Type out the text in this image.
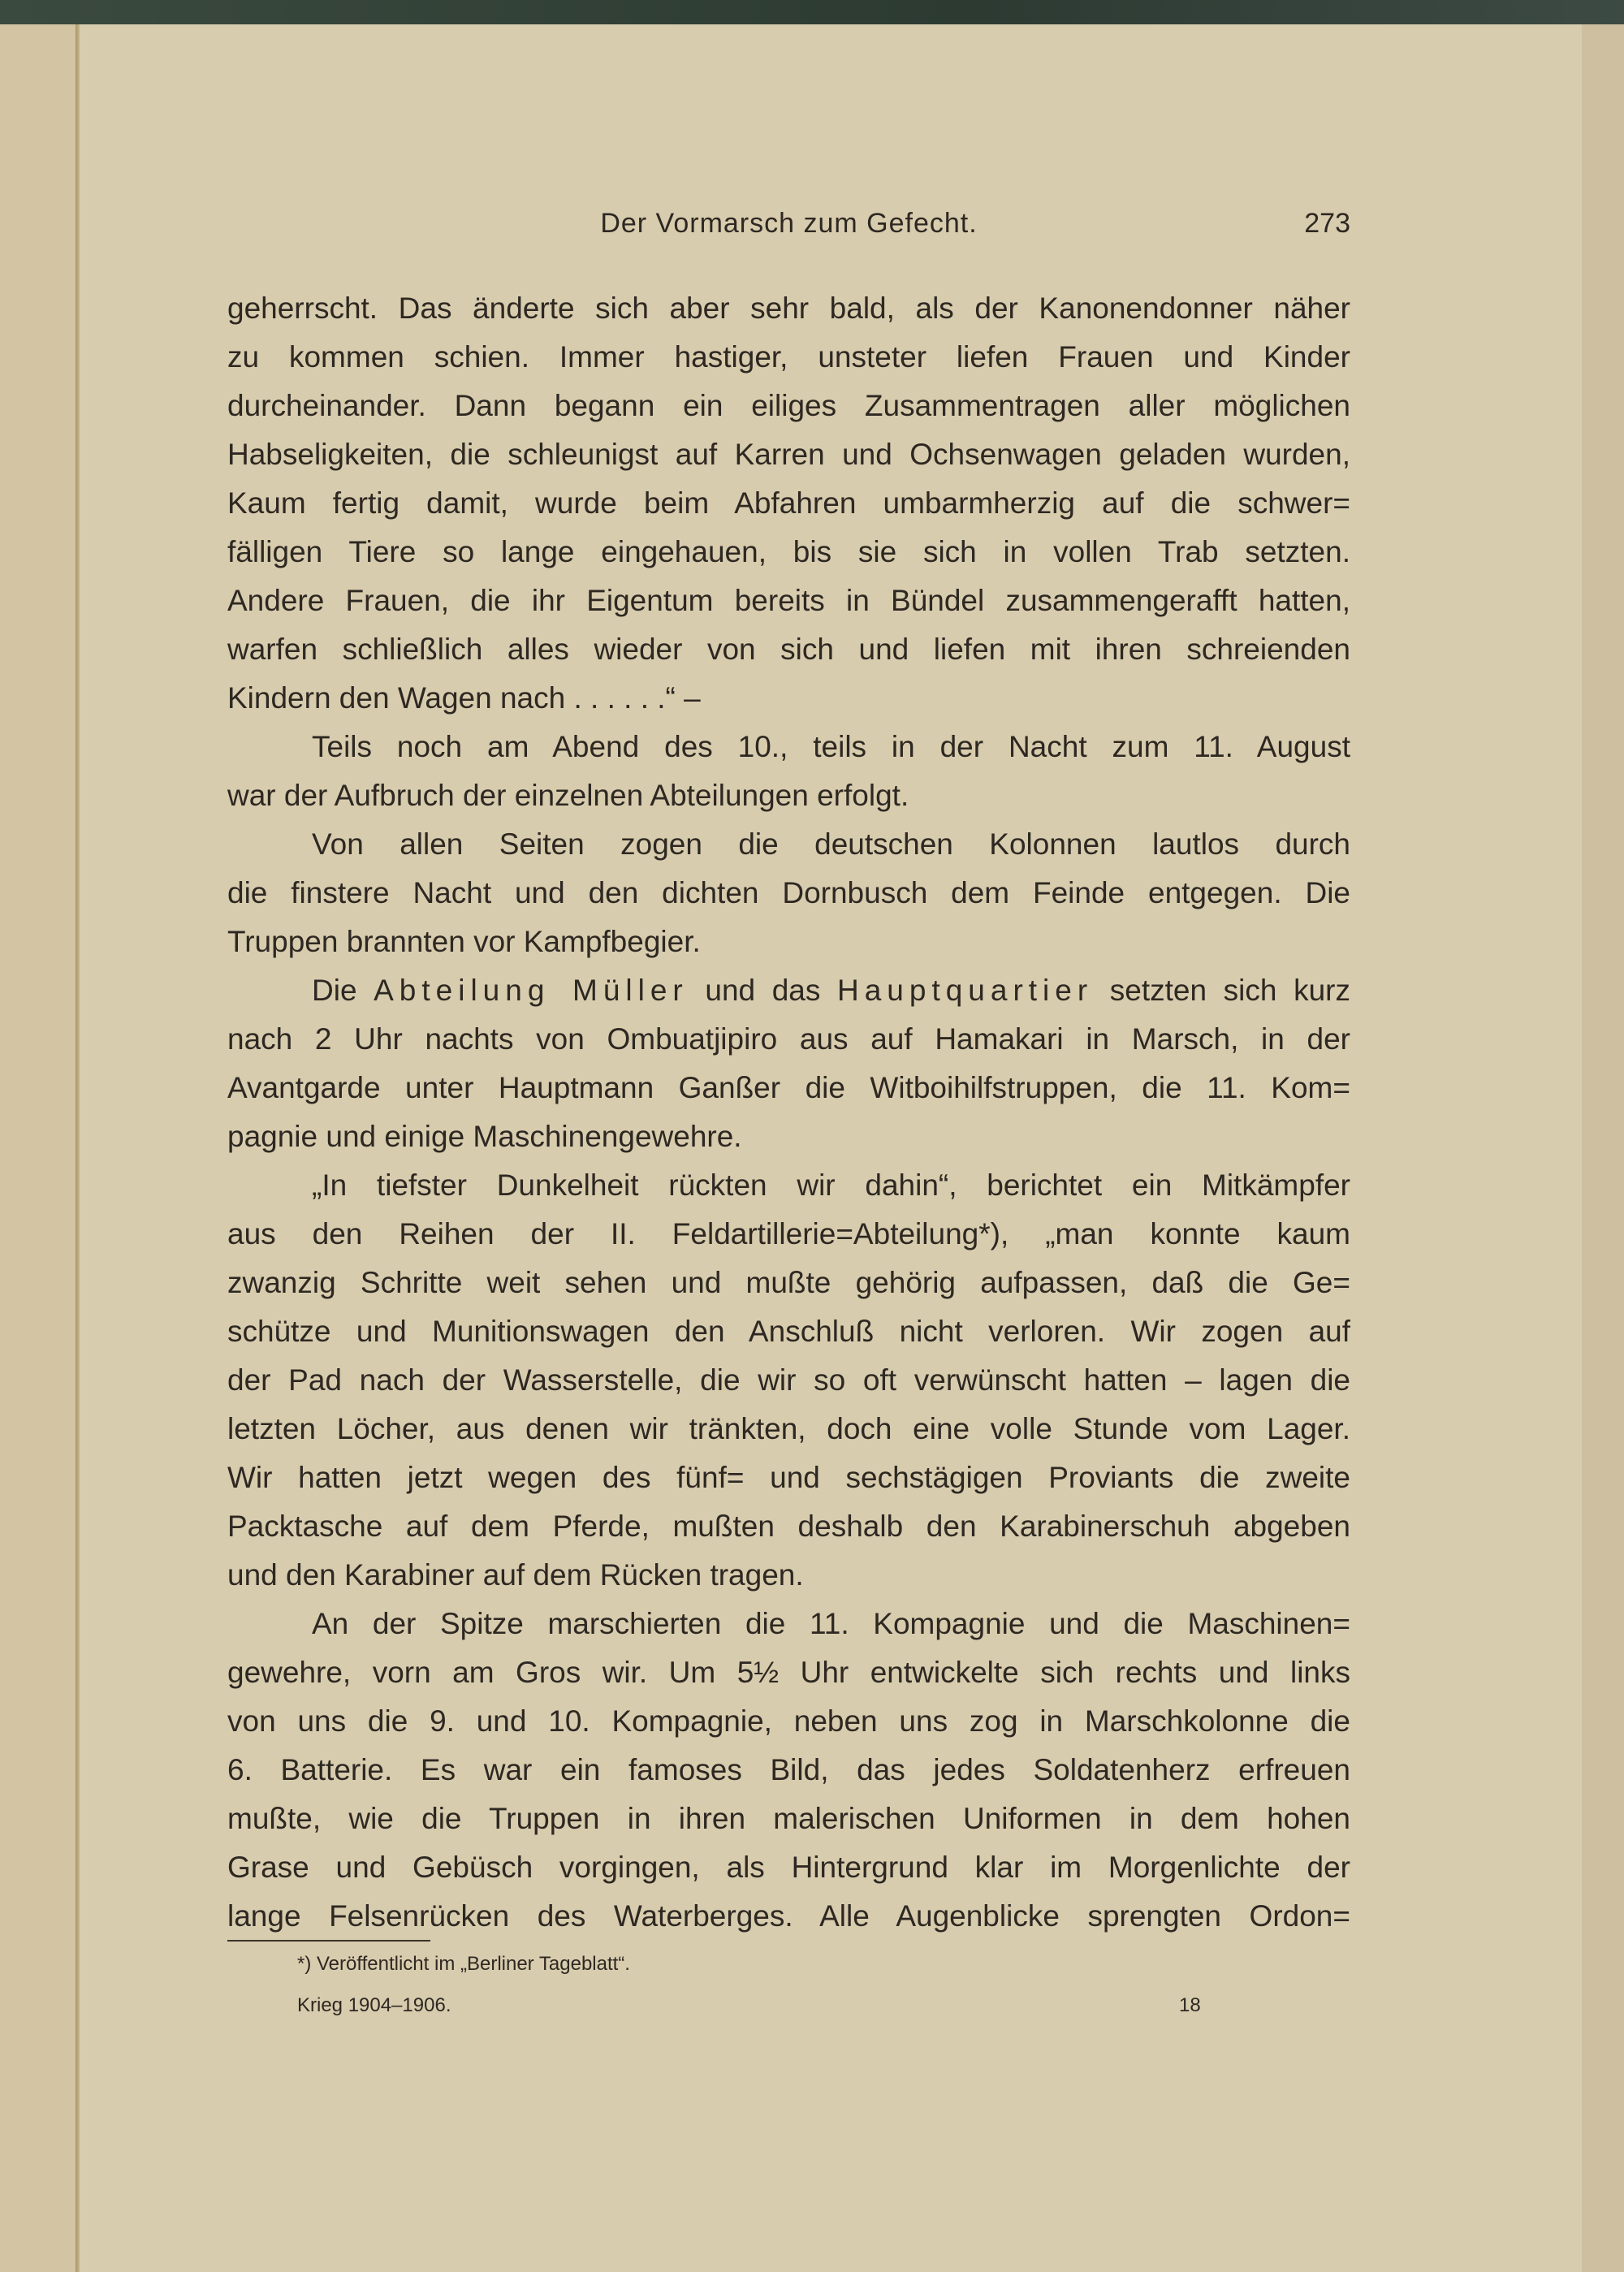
Der Vormarsch zum Gefecht.	273
geherrscht. Das änderte sich aber sehr bald, als der Kanonendonner näher
zu kommen schien. Immer hastiger, unsteter liefen Frauen und Kinder
durcheinander. Dann begann ein eiliges Zusammentragen aller möglichen
Habseligkeiten, die schleunigst auf Karren und Ochsenwagen geladen wurden,
Kaum fertig damit, wurde beim Abfahren umbarmherzig auf die schwer=
fälligen Tiere so lange eingehauen, bis sie sich in vollen Trab setzten.
Andere Frauen, die ihr Eigentum bereits in Bündel zusammengerafft hatten,
warfen schließlich alles wieder von sich und liefen mit ihren schreienden
Kindern den Wagen nach . . . . . .“ –
Teils noch am Abend des 10., teils in der Nacht zum 11. August
war der Aufbruch der einzelnen Abteilungen erfolgt.
Von allen Seiten zogen die deutschen Kolonnen lautlos durch
die finstere Nacht und den dichten Dornbusch dem Feinde entgegen. Die
Truppen brannten vor Kampfbegier.
Die Abteilung Müller und das Hauptquartier setzten sich kurz
nach 2 Uhr nachts von Ombuatjipiro aus auf Hamakari in Marsch, in der
Avantgarde unter Hauptmann Ganßer die Witboihilfstruppen, die 11. Kom=
pagnie und einige Maschinengewehre.
„In tiefster Dunkelheit rückten wir dahin“, berichtet ein Mitkämpfer
aus den Reihen der II. Feldartillerie=Abteilung*), „man konnte kaum
zwanzig Schritte weit sehen und mußte gehörig aufpassen, daß die Ge=
schütze und Munitionswagen den Anschluß nicht verloren. Wir zogen auf
der Pad nach der Wasserstelle, die wir so oft verwünscht hatten – lagen die
letzten Löcher, aus denen wir tränkten, doch eine volle Stunde vom Lager.
Wir hatten jetzt wegen des fünf= und sechstägigen Proviants die zweite
Packtasche auf dem Pferde, mußten deshalb den Karabinerschuh abgeben
und den Karabiner auf dem Rücken tragen.
An der Spitze marschierten die 11. Kompagnie und die Maschinen=
gewehre, vorn am Gros wir. Um 5½ Uhr entwickelte sich rechts und links
von uns die 9. und 10. Kompagnie, neben uns zog in Marschkolonne die
6. Batterie. Es war ein famoses Bild, das jedes Soldatenherz erfreuen
mußte, wie die Truppen in ihren malerischen Uniformen in dem hohen
Grase und Gebüsch vorgingen, als Hintergrund klar im Morgenlichte der
lange Felsenrücken des Waterberges. Alle Augenblicke sprengten Ordon=
*) Veröffentlicht im „Berliner Tageblatt“.
Krieg 1904–1906.	18
